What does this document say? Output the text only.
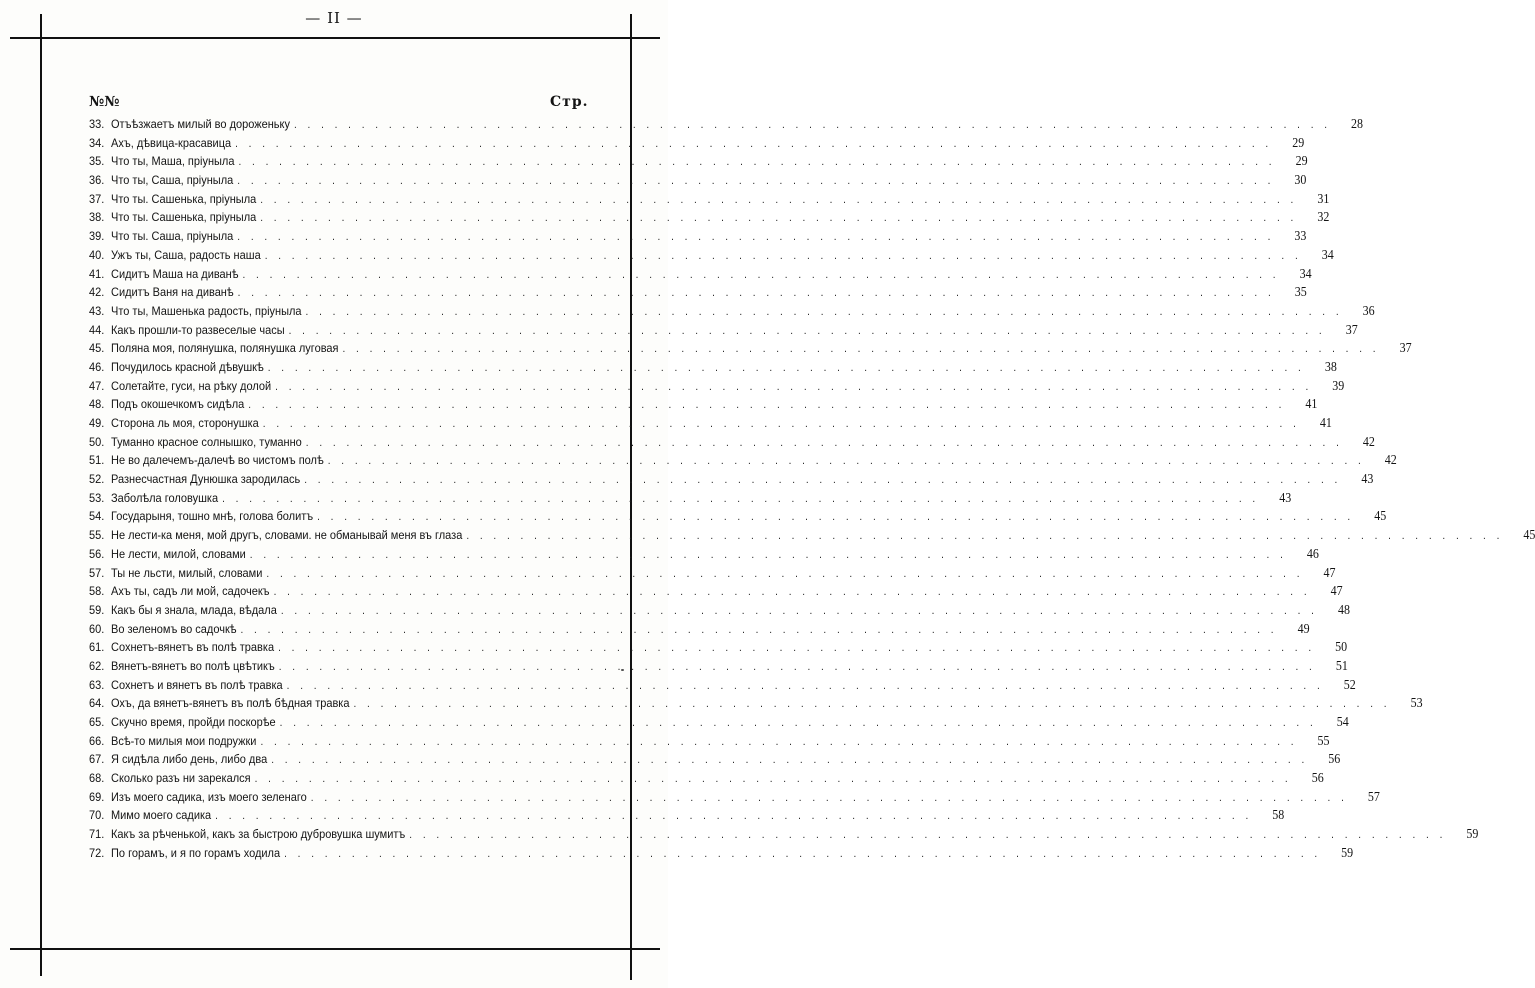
— II —
№№	Стр.
33. Отъѣзжаетъ милый во дороженьку . . .	28
34. Ахъ, дѣвица-красавица . . .	29
35. Что ты, Маша, пріуныла . . .	29
36. Что ты, Саша, пріуныла . . .	30
37. Что ты. Сашенька, пріуныла . . .	31
38. Что ты. Сашенька, пріуныла . . .	32
39. Что ты. Саша, пріуныла . . .	33
40. Ужъ ты, Саша, радость наша . . .	34
41. Сидитъ Маша на диванѣ . . .	34
42. Сидитъ Ваня на диванѣ . . .	35
43. Что ты, Машенька радость, пріуныла . . .	36
44. Какъ прошли-то развеселые часы . . .	37
45. Поляна моя, полянушка, полянушка луговая . . .	37
46. Почудилось красной дѣвушкѣ . . .	38
47. Солетайте, гуси, на рѣку долой . . .	39
48. Подъ окошечкомъ сидѣла . . .	41
49. Сторона ль моя, сторонушка . . .	41
50. Туманно красное солнышко, туманно . . .	42
51. Не во далечемъ-далечѣ во чистомъ полѣ . . .	42
52. Разнесчастная Дунюшка зародилась . . .	43
53. Заболѣла головушка . . .	43
54. Государыня, тошно мнѣ, голова болитъ . . .	45
55. Не лести-ка меня, мой другъ, словами. не обманывай меня въ глаза . . .	45
56. Не лести, милой, словами . . .	46
57. Ты не льсти, милый, словами . . .	47
58. Ахъ ты, садъ ли мой, садочекъ . . .	47
59. Какъ бы я знала, млада, вѣдала . . .	48
60. Во зеленомъ во садочкѣ . . .	49
61. Сохнетъ-вянетъ въ полѣ травка . . .	50
62. Вянетъ-вянетъ во полѣ цвѣтикъ . . .	51
63. Сохнетъ и вянетъ въ полѣ травка . . .	52
64. Охъ, да вянетъ-вянетъ въ полѣ бѣдная травка . . .	53
65. Скучно время, пройди поскорѣе . . .	54
66. Всѣ-то милыя мои подружки . . .	55
67. Я сидѣла либо день, либо два . . .	56
68. Сколько разъ ни зарекался . . .	56
69. Изъ моего садика, изъ моего зеленаго . . .	57
70. Мимо моего садика . . .	58
71. Какъ за рѣченькой, какъ за быстрою дубровушка шумитъ . . .	59
72. По горамъ, и я по горамъ ходила . . .	59
